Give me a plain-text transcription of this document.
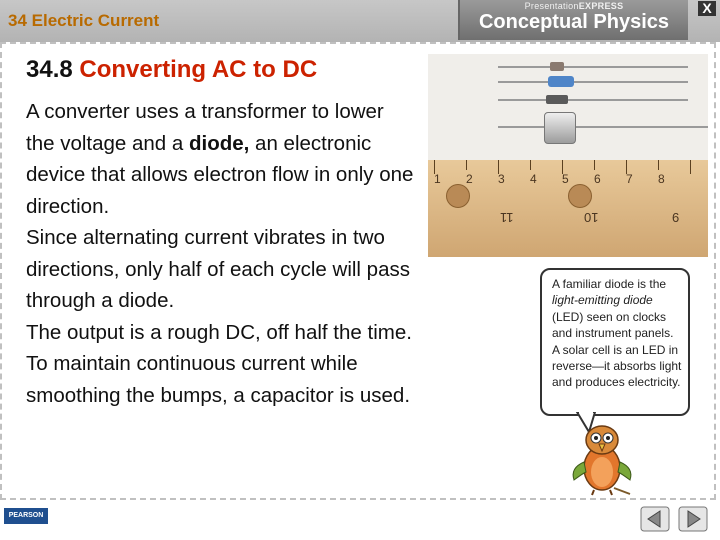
34 Electric Current
PresentationEXPRESS
Conceptual Physics
X
34.8 Converting AC to DC

A converter uses a transformer to lower the voltage and a diode, an electronic device that allows electron flow in only one direction.

Since alternating current vibrates in two directions, only half of each cycle will pass through a diode.

The output is a rough DC, off half the time.

To maintain continuous current while smoothing the bumps, a capacitor is used.

1 2 3 4 5 6 7 8
11	10	9

A familiar diode is the

light-emitting diode

(LED) seen on clocks and instrument panels.

A solar cell is an LED in reverse—it absorbs light and produces electricity.

PEARSON
